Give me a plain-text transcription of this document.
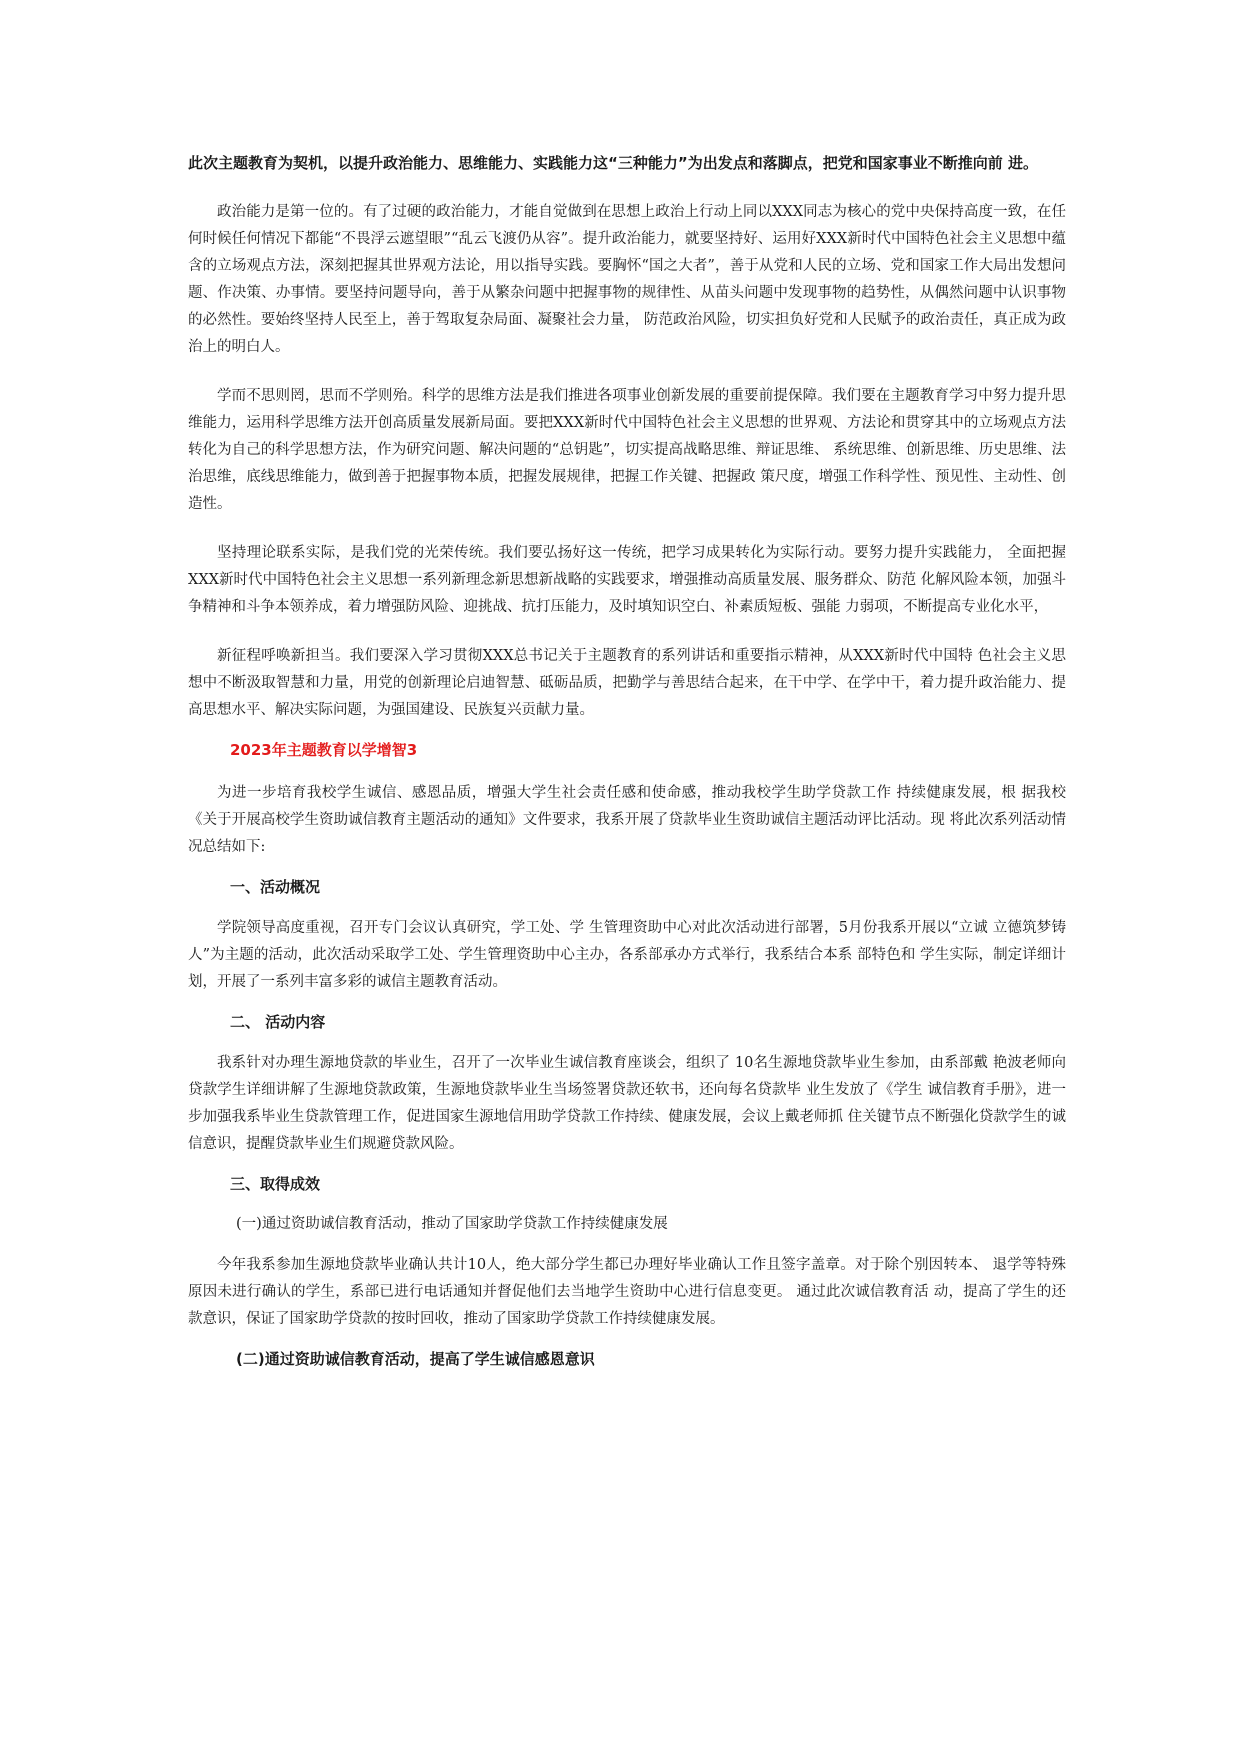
此次主题教育为契机，以提升政治能力、思维能力、实践能力这“三种能力”为出发点和落脚点，把党和国家事业不断推向前 进。

政治能力是第一位的。有了过硬的政治能力，才能自觉做到在思想上政治上行动上同以XXX同志为核心的党中央保持高度一致，在任何时候任何情况下都能“不畏浮云遮望眼”“乱云飞渡仍从容”。提升政治能力，就要坚持好、运用好XXX新时代中国特色社会主义思想中蕴含的立场观点方法，深刻把握其世界观方法论，用以指导实践。要胸怀“国之大者”，善于从党和人民的立场、党和国家工作大局出发想问题、作决策、办事情。要坚持问题导向，善于从繁杂问题中把握事物的规律性、从苗头问题中发现事物的趋势性，从偶然问题中认识事物的必然性。要始终坚持人民至上，善于驾取复杂局面、凝聚社会力量， 防范政治风险，切实担负好党和人民赋予的政治责任，真正成为政治上的明白人。

学而不思则罔，思而不学则殆。科学的思维方法是我们推进各项事业创新发展的重要前提保障。我们要在主题教育学习中努力提升思维能力，运用科学思维方法开创高质量发展新局面。要把XXX新时代中国特色社会主义思想的世界观、方法论和贯穿其中的立场观点方法转化为自己的科学思想方法，作为研究问题、解决问题的“总钥匙”，切实提高战略思维、辩证思维、 系统思维、创新思维、历史思维、法治思维，底线思维能力，做到善于把握事物本质，把握发展规律，把握工作关键、把握政 策尺度，增强工作科学性、预见性、主动性、创造性。

坚持理论联系实际，是我们党的光荣传统。我们要弘扬好这一传统，把学习成果转化为实际行动。要努力提升实践能力， 全面把握XXX新时代中国特色社会主义思想一系列新理念新思想新战略的实践要求，增强推动高质量发展、服务群众、防范 化解风险本领，加强斗争精神和斗争本领养成，着力增强防风险、迎挑战、抗打压能力，及时填知识空白、补素质短板、强能 力弱项，不断提高专业化水平，

新征程呼唤新担当。我们要深入学习贯彻XXX总书记关于主题教育的系列讲话和重要指示精神，从XXX新时代中国特 色社会主义思想中不断汲取智慧和力量，用党的创新理论启迪智慧、砥砺品质，把勤学与善思结合起来，在干中学、在学中干，着力提升政治能力、提高思想水平、解决实际问题，为强国建设、民族复兴贡献力量。

2023年主题教育以学增智3

为进一步培育我校学生诚信、感恩品质，增强大学生社会责任感和使命感，推动我校学生助学贷款工作 持续健康发展，根 据我校《关于开展高校学生资助诚信教育主题活动的通知》文件要求，我系开展了贷款毕业生资助诚信主题活动评比活动。现 将此次系列活动情况总结如下:

一、活动概况

学院领导高度重视，召开专门会议认真研究，学工处、学 生管理资助中心对此次活动进行部署，5月份我系开展以“立诚 立德筑梦铸人”为主题的活动，此次活动采取学工处、学生管理资助中心主办，各系部承办方式举行，我系结合本系 部特色和 学生实际，制定详细计划，开展了一系列丰富多彩的诚信主题教育活动。

二、 活动内容

我系针对办理生源地贷款的毕业生，召开了一次毕业生诚信教育座谈会，组织了 10名生源地贷款毕业生参加，由系部戴 艳波老师向贷款学生详细讲解了生源地贷款政策，生源地贷款毕业生当场签署贷款还软书，还向每名贷款毕 业生发放了《学生 诚信教育手册》，进一步加强我系毕业生贷款管理工作，促进国家生源地信用助学贷款工作持续、健康发展，会议上戴老师抓 住关键节点不断强化贷款学生的诚信意识，提醒贷款毕业生们规避贷款风险。

三、取得成效
(一)通过资助诚信教育活动，推动了国家助学贷款工作持续健康发展

今年我系参加生源地贷款毕业确认共计10人，绝大部分学生都已办理好毕业确认工作且签字盖章。对于除个别因转本、 退学等特殊原因未进行确认的学生，系部已进行电话通知并督促他们去当地学生资助中心进行信息变更。 通过此次诚信教育活 动，提高了学生的还款意识，保证了国家助学贷款的按时回收，推动了国家助学贷款工作持续健康发展。

(二)通过资助诚信教育活动，提高了学生诚信感恩意识
